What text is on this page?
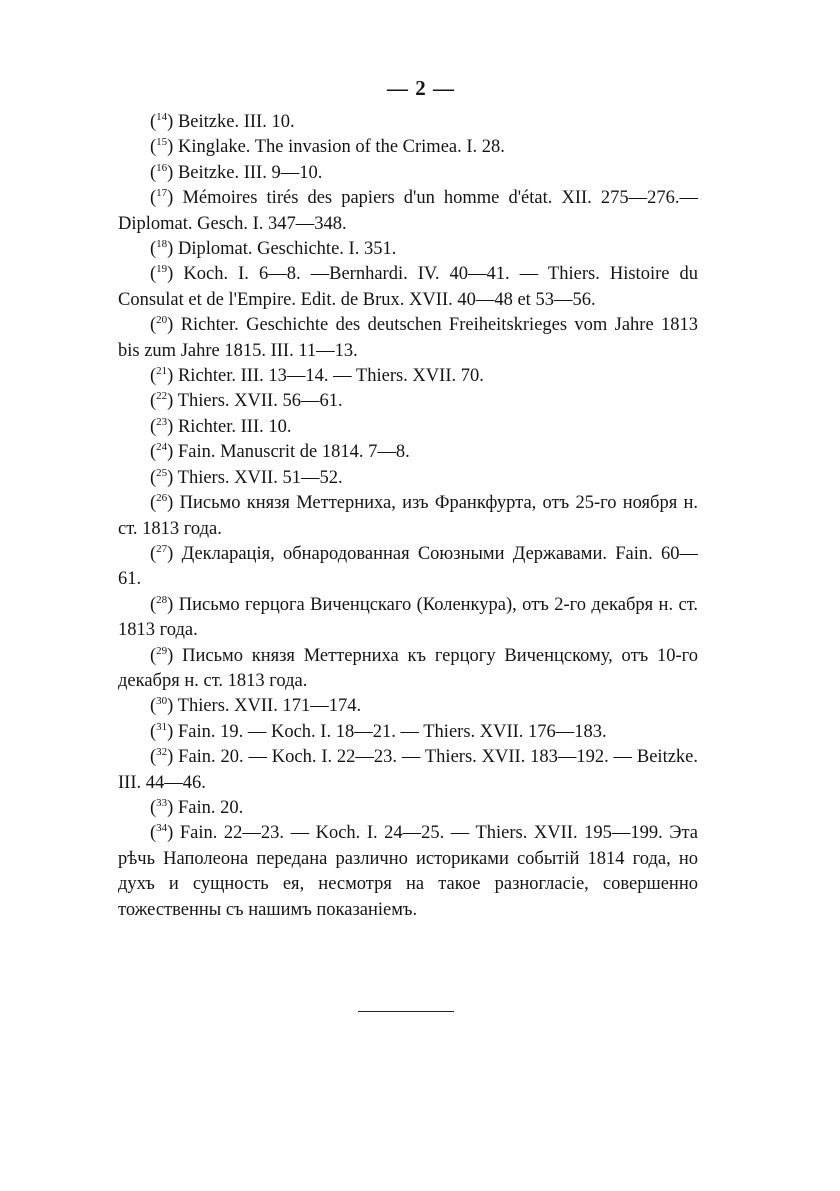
— 2 —

($^{14}$) Beitzke. III. 10.

($^{15}$) Kinglake. The invasion of the Crimea. I. 28.

($^{16}$) Beitzke. III. 9—10.

($^{17}$) Mémoires tirés des papiers d'un homme d'état. XII. 275—276.— Diplomat. Gesch. I. 347—348.

($^{18}$) Diplomat. Geschichte. I. 351.

($^{19}$) Koch. I. 6—8. —Bernhardi. IV. 40—41. — Thiers. Histoire du Consulat et de l'Empire. Edit. de Brux. XVII. 40—48 et 53—56.

($^{20}$) Richter. Geschichte des deutschen Freiheitskrieges vom Jahre 1813 bis zum Jahre 1815. III. 11—13.

($^{21}$) Richter. III. 13—14. — Thiers. XVII. 70.

($^{22}$) Thiers. XVII. 56—61.

($^{23}$) Richter. III. 10.

($^{24}$) Fain. Manuscrit de 1814. 7—8.

($^{25}$) Thiers. XVII. 51—52.

($^{26}$) Письмо князя Меттерниха, изъ Франкфурта, отъ 25-го ноября н. ст. 1813 года.

($^{27}$) Декларація, обнародованная Союзными Державами. Fain. 60— 61.

($^{28}$) Письмо герцога Виченцскаго (Коленкура), отъ 2-го декабря н. ст. 1813 года.

($^{29}$) Письмо князя Меттерниха къ герцогу Виченцскому, отъ 10-го декабря н. ст. 1813 года.

($^{30}$) Thiers. XVII. 171—174.

($^{31}$) Fain. 19. — Koch. I. 18—21. — Thiers. XVII. 176—183.

($^{32}$) Fain. 20. — Koch. I. 22—23. — Thiers. XVII. 183—192. — Beitzke. III. 44—46.

($^{33}$) Fain. 20.

($^{34}$) Fain. 22—23. — Koch. I. 24—25. — Thiers. XVII. 195—199. Эта рѣчь Наполеона передана различно историками событій 1814 года, но духъ и сущность ея, несмотря на такое разногласіе, совершенно тожественны съ нашимъ показаніемъ.
